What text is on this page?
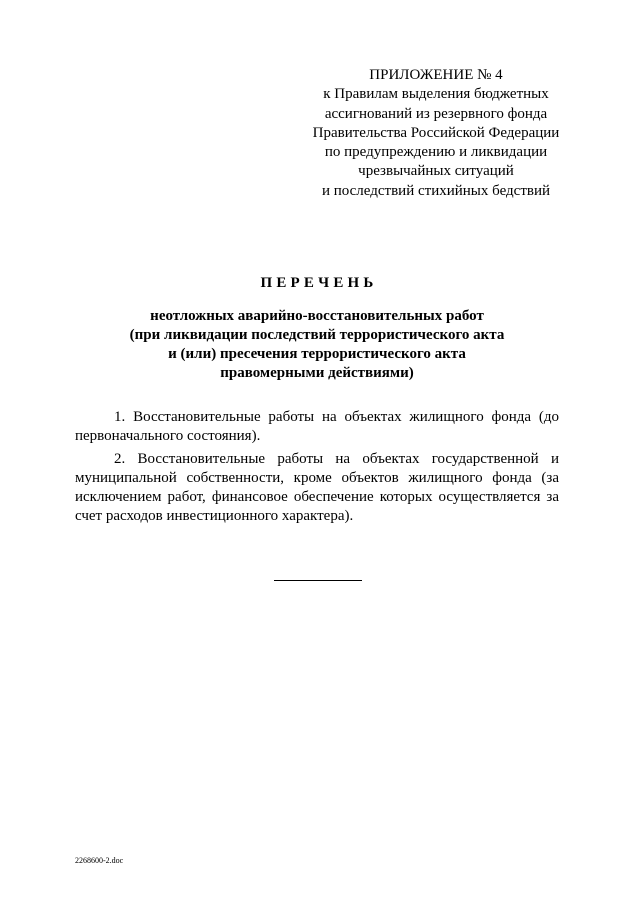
ПРИЛОЖЕНИЕ № 4
к Правилам выделения бюджетных
ассигнований из резервного фонда
Правительства Российской Федерации
по предупреждению и ликвидации
чрезвычайных ситуаций
и последствий стихийных бедствий
ПЕРЕЧЕНЬ
неотложных аварийно-восстановительных работ
(при ликвидации последствий террористического акта
и (или) пресечения террористического акта
правомерными действиями)

1. Восстановительные работы на объектах жилищного фонда (до первоначального состояния).

2. Восстановительные работы на объектах государственной и муниципальной собственности, кроме объектов жилищного фонда (за исключением работ, финансовое обеспечение которых осуществляется за счет расходов инвестиционного характера).

2268600-2.doc
